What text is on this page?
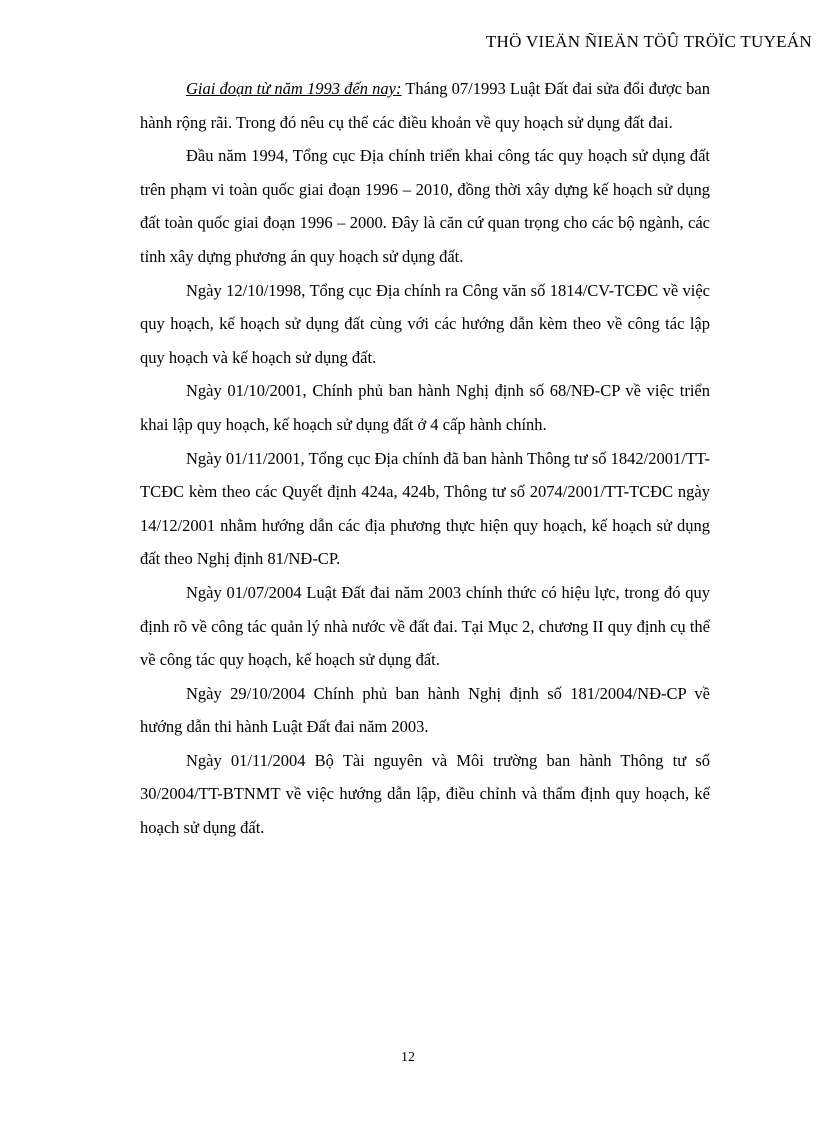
THÖ VIEÄN ÑIEÄN TÖÛ TRÖÏC TUYEÁN

Giai đoạn từ năm 1993 đến nay: Tháng 07/1993 Luật Đất đai sửa đổi được ban hành rộng rãi. Trong đó nêu cụ thể các điều khoản về quy hoạch sử dụng đất đai.

Đầu năm 1994, Tổng cục Địa chính triển khai công tác quy hoạch sử dụng đất trên phạm vi toàn quốc giai đoạn 1996 – 2010, đồng thời xây dựng kế hoạch sử dụng đất toàn quốc giai đoạn 1996 – 2000. Đây là căn cứ quan trọng cho các bộ ngành, các tỉnh xây dựng phương án quy hoạch sử dụng đất.

Ngày 12/10/1998, Tổng cục Địa chính ra Công văn số 1814/CV-TCĐC về việc quy hoạch, kế hoạch sử dụng đất cùng với các hướng dẫn kèm theo về công tác lập quy hoạch và kế hoạch sử dụng đất.

Ngày 01/10/2001, Chính phủ ban hành Nghị định số 68/NĐ-CP về việc triển khai lập quy hoạch, kế hoạch sử dụng đất ở 4 cấp hành chính.

Ngày 01/11/2001, Tổng cục Địa chính đã ban hành Thông tư số 1842/2001/TT-TCĐC kèm theo các Quyết định 424a, 424b, Thông tư số 2074/2001/TT-TCĐC ngày 14/12/2001 nhằm hướng dẫn các địa phương thực hiện quy hoạch, kế hoạch sử dụng đất theo Nghị định 81/NĐ-CP.

Ngày 01/07/2004 Luật Đất đai năm 2003 chính thức có hiệu lực, trong đó quy định rõ về công tác quản lý nhà nước về đất đai. Tại Mục 2, chương II quy định cụ thể về công tác quy hoạch, kế hoạch sử dụng đất.

Ngày 29/10/2004 Chính phủ ban hành Nghị định số 181/2004/NĐ-CP về hướng dẫn thi hành Luật Đất đai năm 2003.

Ngày 01/11/2004 Bộ Tài nguyên và Môi trường ban hành Thông tư số 30/2004/TT-BTNMT về việc hướng dẫn lập, điều chỉnh và thẩm định quy hoạch, kế hoạch sử dụng đất.

12
